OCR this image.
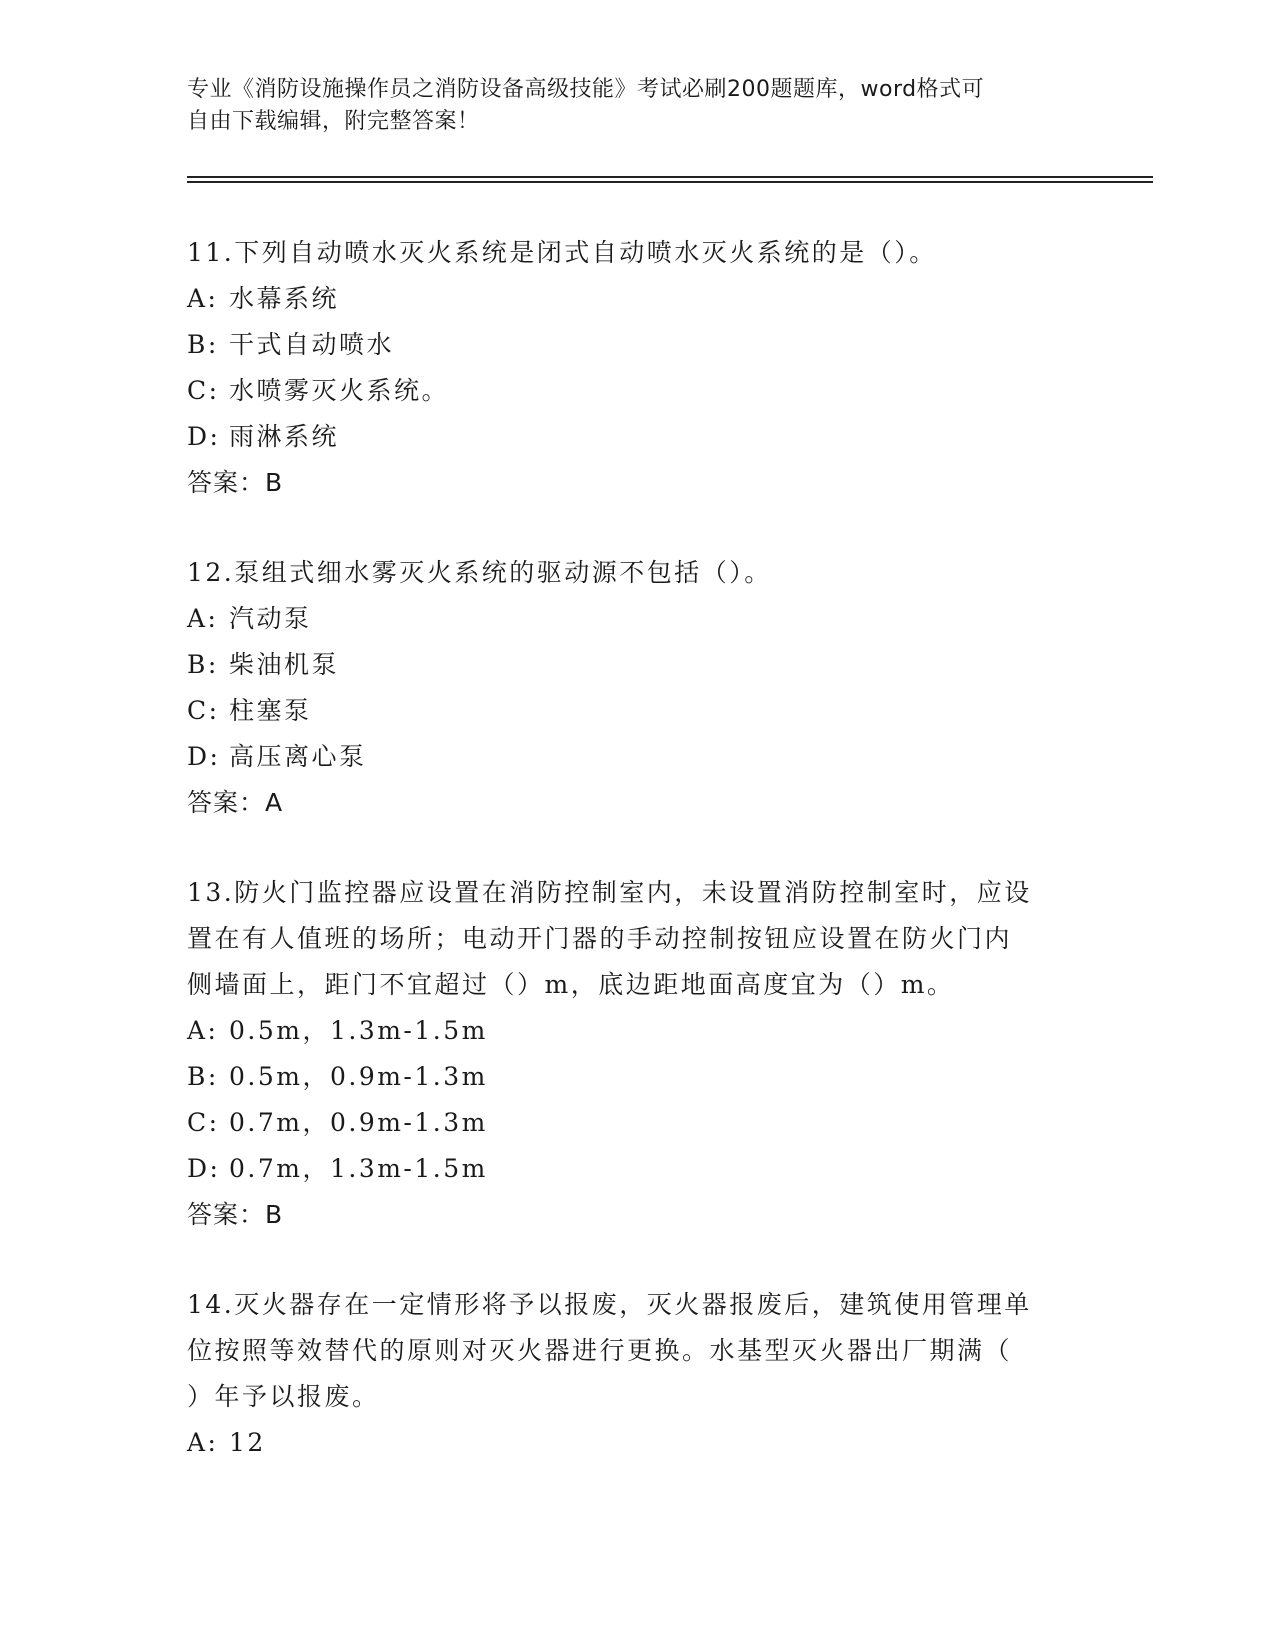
专业《消防设施操作员之消防设备高级技能》考试必刷200题题库，word格式可
自由下载编辑，附完整答案！
11.下列自动喷水灭火系统是闭式自动喷水灭火系统的是（）。
A: 水幕系统
B: 干式自动喷水
C: 水喷雾灭火系统。
D: 雨淋系统
答案：B
12.泵组式细水雾灭火系统的驱动源不包括（）。
A: 汽动泵
B: 柴油机泵
C: 柱塞泵
D: 高压离心泵
答案：A
13.防火门监控器应设置在消防控制室内，未设置消防控制室时，应设
置在有人值班的场所；电动开门器的手动控制按钮应设置在防火门内
侧墙面上，距门不宜超过（）m，底边距地面高度宜为（）m。
A: 0.5m，1.3m-1.5m
B: 0.5m，0.9m-1.3m
C: 0.7m，0.9m-1.3m
D: 0.7m，1.3m-1.5m
答案：B
14.灭火器存在一定情形将予以报废，灭火器报废后，建筑使用管理单
位按照等效替代的原则对灭火器进行更换。水基型灭火器出厂期满（
）年予以报废。
A: 12
